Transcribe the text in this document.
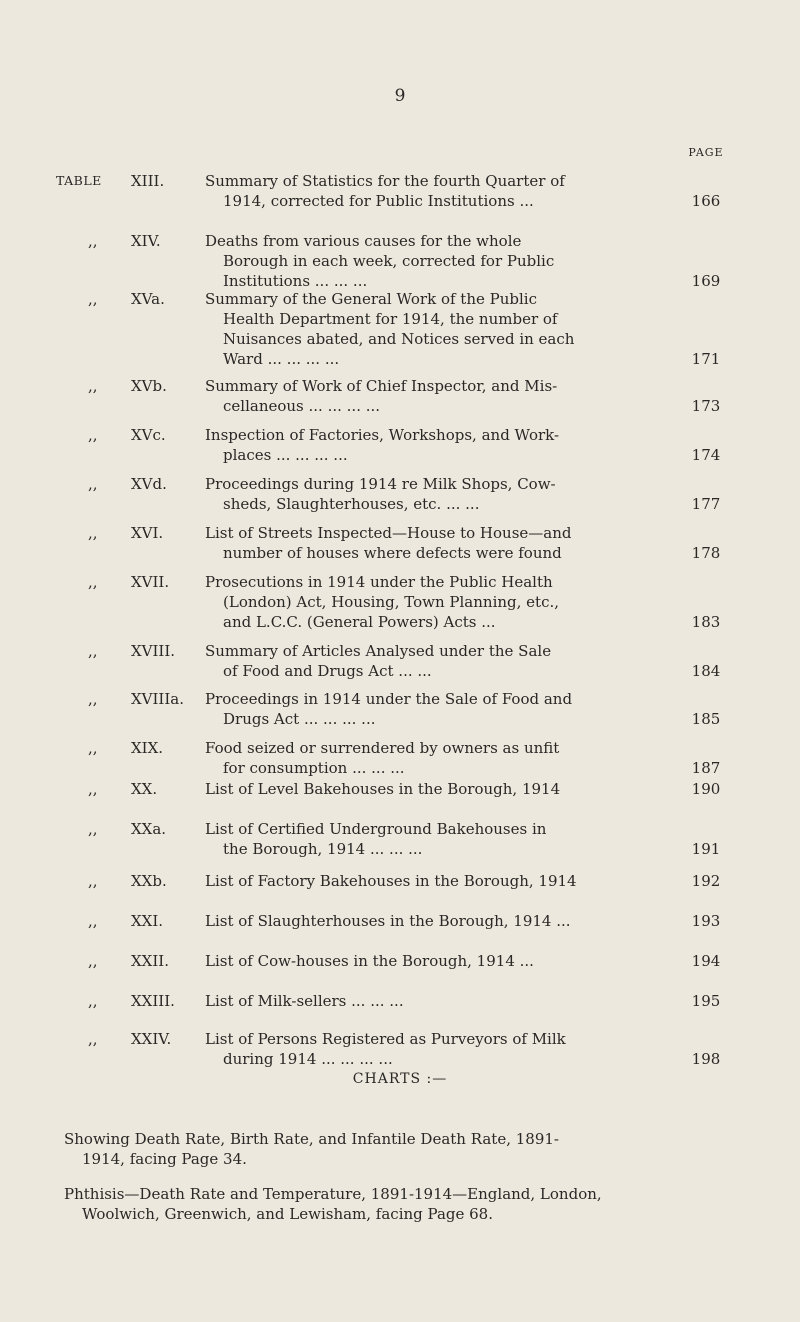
9
PAGE
TABLE XIII.	Summary of Statistics for the fourth Quarter of
1914, corrected for Public Institutions ...	166
,, XIV.	Deaths from various causes for the whole
Borough in each week, corrected for Public
Institutions ... ... ...	169
,, XVa.	Summary of the General Work of the Public
Health Department for 1914, the number of
Nuisances abated, and Notices served in each
Ward ... ... ... ...	171
,, XVb.	Summary of Work of Chief Inspector, and Mis-
cellaneous ... ... ... ...	173
,, XVc.	Inspection of Factories, Workshops, and Work-
places ... ... ... ...	174
,, XVd.	Proceedings during 1914 re Milk Shops, Cow-
sheds, Slaughterhouses, etc. ... ...	177
,, XVI.	List of Streets Inspected—House to House—and
number of houses where defects were found	178
,, XVII. Prosecutions in 1914 under the Public Health
(London) Act, Housing, Town Planning, etc.,
and L.C.C. (General Powers) Acts ...	183
,, XVIII. Summary of Articles Analysed under the Sale
of Food and Drugs Act ... ...	184
,, XVIIIa. Proceedings in 1914 under the Sale of Food and
Drugs Act ... ... ... ...	185
,, XIX.	Food seized or surrendered by owners as unfit
for consumption ... ... ...	187
,, XX.	List of Level Bakehouses in the Borough, 1914	190
,, XXa.	List of Certified Underground Bakehouses in
the Borough, 1914 ... ... ...	191
,, XXb.	List of Factory Bakehouses in the Borough, 1914	192
,, XXI.	List of Slaughterhouses in the Borough, 1914 ...	193
,, XXII. List of Cow-houses in the Borough, 1914 ...	194
,, XXIII. List of Milk-sellers ... ... ...	195
,, XXIV. List of Persons Registered as Purveyors of Milk
during 1914 ... ... ... ...	198
CHARTS :—
Showing Death Rate, Birth Rate, and Infantile Death Rate, 1891-
1914, facing Page 34.
Phthisis—Death Rate and Temperature, 1891-1914—England, London,
Woolwich, Greenwich, and Lewisham, facing Page 68.
